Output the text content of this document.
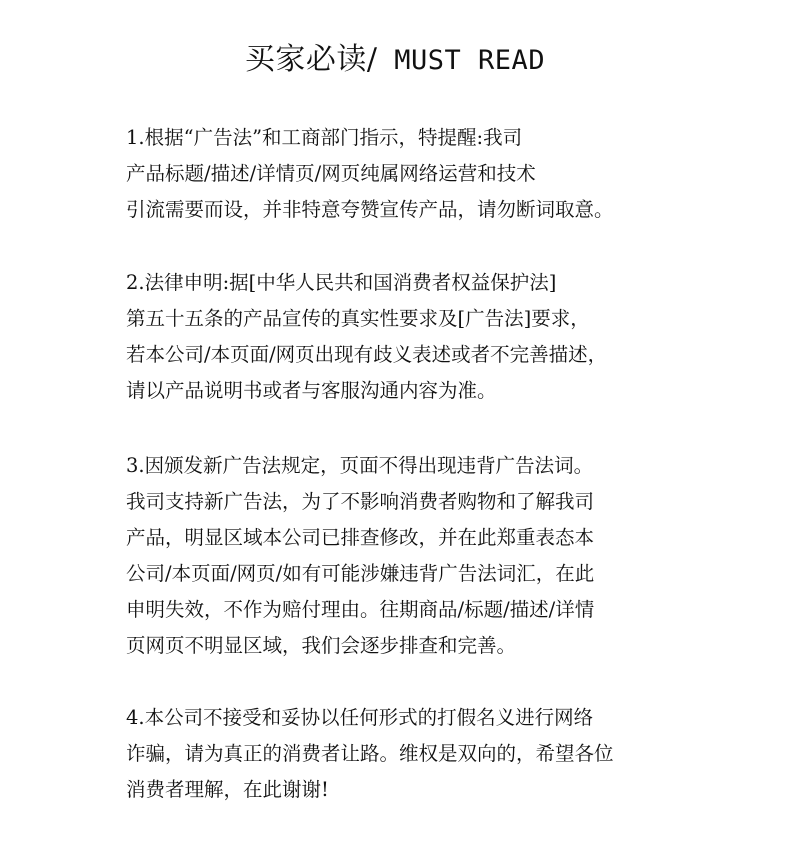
买家必读/ MUST READ
1.根据“广告法”和工商部门指示，特提醒:我司
产品标题/描述/详情页/网页纯属网络运营和技术
引流需要而设，并非特意夸赞宣传产品，请勿断词取意。
2.法律申明:据[中华人民共和国消费者权益保护法]
第五十五条的产品宣传的真实性要求及[广告法]要求，
若本公司/本页面/网页出现有歧义表述或者不完善描述，
请以产品说明书或者与客服沟通内容为准。
3.因颁发新广告法规定，页面不得出现违背广告法词。
我司支持新广告法，为了不影响消费者购物和了解我司
产品，明显区域本公司已排查修改，并在此郑重表态本
公司/本页面/网页/如有可能涉嫌违背广告法词汇，在此
申明失效，不作为赔付理由。往期商品/标题/描述/详情
页网页不明显区域，我们会逐步排查和完善。
4.本公司不接受和妥协以任何形式的打假名义进行网络
诈骗，请为真正的消费者让路。维权是双向的，希望各位
消费者理解，在此谢谢!
